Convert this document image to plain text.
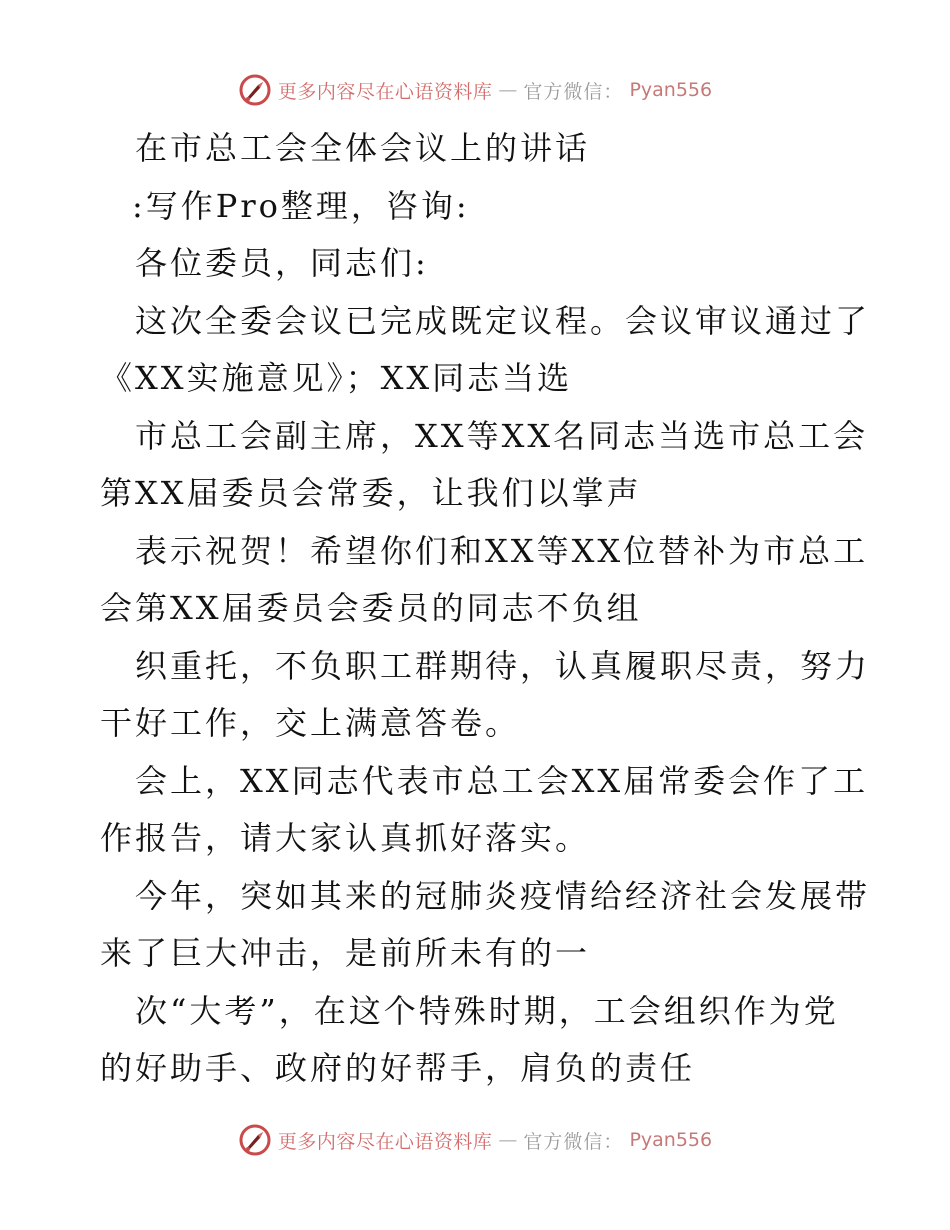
更多内容尽在心语资料库 — 官方微信： Pyan556
在市总工会全体会议上的讲话
:写作Pro整理，咨询:
各位委员，同志们:
这次全委会议已完成既定议程。会议审议通过了
《XX实施意见》；XX同志当选
市总工会副主席，XX等XX名同志当选市总工会
第XX届委员会常委，让我们以掌声
表示祝贺！希望你们和XX等XX位替补为市总工
会第XX届委员会委员的同志不负组
织重托，不负职工群期待，认真履职尽责，努力
干好工作，交上满意答卷。
会上，XX同志代表市总工会XX届常委会作了工
作报告，请大家认真抓好落实。
今年，突如其来的冠肺炎疫情给经济社会发展带
来了巨大冲击，是前所未有的一
次“大考”，在这个特殊时期，工会组织作为党
的好助手、政府的好帮手，肩负的责任
更多内容尽在心语资料库 — 官方微信： Pyan556
